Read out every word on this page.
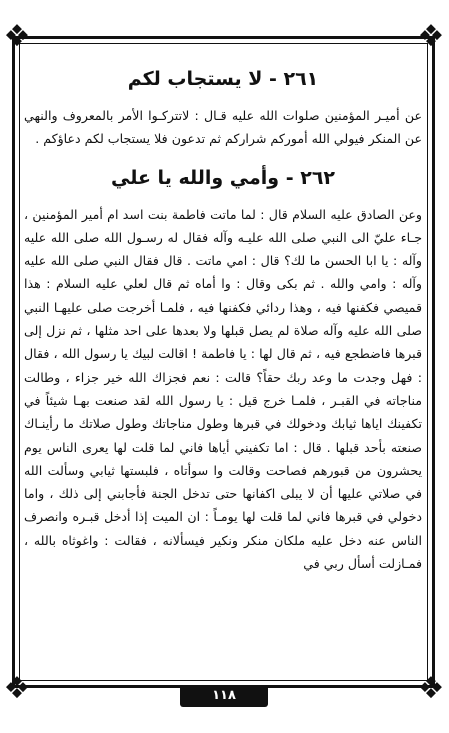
❖	❖
❖	❖
٢٦١ - لا يستجاب لكم

عن أميـر المؤمنين صلوات الله عليه قـال : لاتتركـوا الأمر بالمعروف والنهي عن المنكر فيولي الله أموركم شراركم ثم تدعون فلا يستجاب لكم دعاؤكم .

٢٦٢ - وأمي والله يا علي

وعن الصادق عليه السلام قال : لما ماتت فاطمة بنت اسد ام أمير المؤمنين ، جـاء عليّ الى النبي صلى الله عليـه وآله فقال له رسـول الله صلى الله عليه وآله : يا ابا الحسن ما لك؟ قال : امي ماتت . قال فقال النبي صلى الله عليه وآله : وامي والله . ثم بكى وقال : وا أماه ثم قال لعلي عليه السلام : هذا قميصي فكفنها فيه ، وهذا ردائي فكفنها فيه ، فلمـا أخرجت صلى عليهـا النبي صلى الله عليه وآله صلاة لم يصل قبلها ولا بعدها على احد مثلها ، ثم نزل إلى قبرها فاضطجع فيه ، ثم قال لها : يا فاطمة ! اقالت لبيك يا رسول الله ، فقال : فهل وجدت ما وعد ربك حقاً؟ قالت : نعم فجزاك الله خير جزاء ، وطالت مناجاته في القبـر ، فلمـا خرج قيل : يا رسول الله لقد صنعت بهـا شيئاً في تكفينك اياها ثيابك ودخولك في قبرها وطول مناجاتك وطول صلاتك ما رأينـاك صنعته بأحد قبلها . قال : اما تكفيني أياها فاني لما قلت لها يعرى الناس يوم يحشرون من قبورهم فصاحت وقالت وا سوأتاه ، فلبستها ثيابي وسألت الله في صلاتي عليها أن لا يبلى اكفانها حتى تدخل الجنة فأجابني إلى ذلك ، واما دخولي في قبرها فاني لما قلت لها يومـاً : ان الميت إذا أدخل قبـره وانصرف الناس عنه دخل عليه ملكان منكر ونكير فيسألانه ، فقالت : واغوثاه بالله ، فمـازلت أسأل ربي في

١١٨
